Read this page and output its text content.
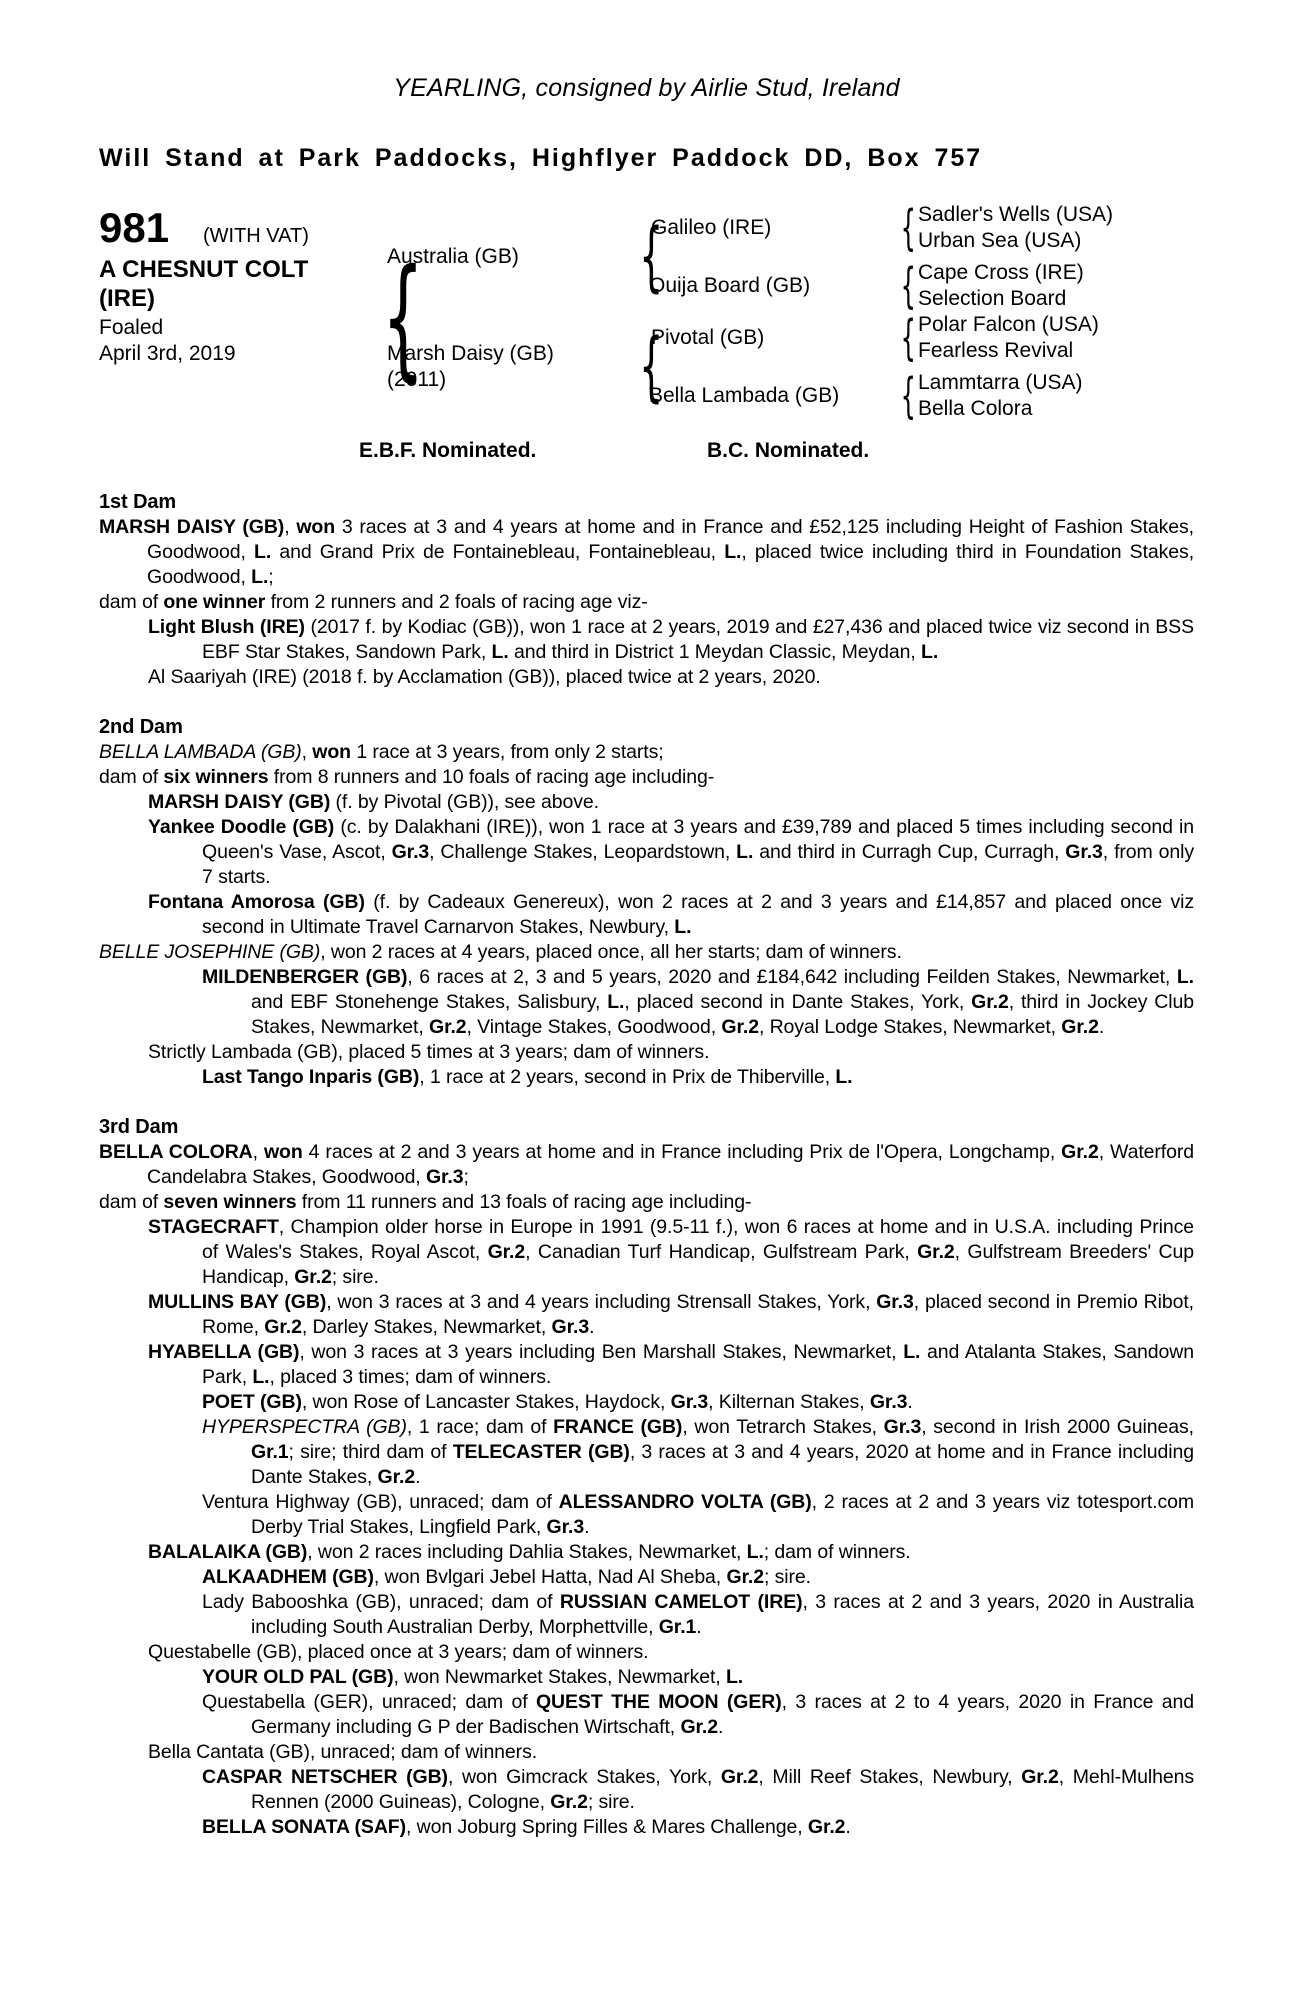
YEARLING, consigned by Airlie Stud, Ireland
Will Stand at Park Paddocks, Highflyer Paddock DD, Box 757
981 (WITH VAT)
A CHESNUT COLT
(IRE)
Foaled
April 3rd, 2019
{
Australia (GB)
Marsh Daisy (GB)
(2011)
{
{
Galileo (IRE)
Ouija Board (GB)
Pivotal (GB)
Bella Lambada (GB)
{
Sadler's Wells (USA)
Urban Sea (USA)
{
Cape Cross (IRE)
Selection Board
{
Polar Falcon (USA)
Fearless Revival
{
Lammtarra (USA)
Bella Colora
E.B.F. Nominated.	B.C. Nominated.
1st Dam

MARSH DAISY (GB), won 3 races at 3 and 4 years at home and in France and £52,125 including Height of Fashion Stakes, Goodwood, L. and Grand Prix de Fontainebleau, Fontainebleau, L., placed twice including third in Foundation Stakes, Goodwood, L.;

dam of one winner from 2 runners and 2 foals of racing age viz-

Light Blush (IRE) (2017 f. by Kodiac (GB)), won 1 race at 2 years, 2019 and £27,436 and placed twice viz second in BSS EBF Star Stakes, Sandown Park, L. and third in District 1 Meydan Classic, Meydan, L.

Al Saariyah (IRE) (2018 f. by Acclamation (GB)), placed twice at 2 years, 2020.

2nd Dam

BELLA LAMBADA (GB), won 1 race at 3 years, from only 2 starts;

dam of six winners from 8 runners and 10 foals of racing age including-

MARSH DAISY (GB) (f. by Pivotal (GB)), see above.

Yankee Doodle (GB) (c. by Dalakhani (IRE)), won 1 race at 3 years and £39,789 and placed 5 times including second in Queen's Vase, Ascot, Gr.3, Challenge Stakes, Leopardstown, L. and third in Curragh Cup, Curragh, Gr.3, from only 7 starts.

Fontana Amorosa (GB) (f. by Cadeaux Genereux), won 2 races at 2 and 3 years and £14,857 and placed once viz second in Ultimate Travel Carnarvon Stakes, Newbury, L.

BELLE JOSEPHINE (GB), won 2 races at 4 years, placed once, all her starts; dam of winners.

MILDENBERGER (GB), 6 races at 2, 3 and 5 years, 2020 and £184,642 including Feilden Stakes, Newmarket, L. and EBF Stonehenge Stakes, Salisbury, L., placed second in Dante Stakes, York, Gr.2, third in Jockey Club Stakes, Newmarket, Gr.2, Vintage Stakes, Goodwood, Gr.2, Royal Lodge Stakes, Newmarket, Gr.2.

Strictly Lambada (GB), placed 5 times at 3 years; dam of winners.

Last Tango Inparis (GB), 1 race at 2 years, second in Prix de Thiberville, L.

3rd Dam

BELLA COLORA, won 4 races at 2 and 3 years at home and in France including Prix de l'Opera, Longchamp, Gr.2, Waterford Candelabra Stakes, Goodwood, Gr.3;

dam of seven winners from 11 runners and 13 foals of racing age including-

STAGECRAFT, Champion older horse in Europe in 1991 (9.5-11 f.), won 6 races at home and in U.S.A. including Prince of Wales's Stakes, Royal Ascot, Gr.2, Canadian Turf Handicap, Gulfstream Park, Gr.2, Gulfstream Breeders' Cup Handicap, Gr.2; sire.

MULLINS BAY (GB), won 3 races at 3 and 4 years including Strensall Stakes, York, Gr.3, placed second in Premio Ribot, Rome, Gr.2, Darley Stakes, Newmarket, Gr.3.

HYABELLA (GB), won 3 races at 3 years including Ben Marshall Stakes, Newmarket, L. and Atalanta Stakes, Sandown Park, L., placed 3 times; dam of winners.

POET (GB), won Rose of Lancaster Stakes, Haydock, Gr.3, Kilternan Stakes, Gr.3.

HYPERSPECTRA (GB), 1 race; dam of FRANCE (GB), won Tetrarch Stakes, Gr.3, second in Irish 2000 Guineas, Gr.1; sire; third dam of TELECASTER (GB), 3 races at 3 and 4 years, 2020 at home and in France including Dante Stakes, Gr.2.

Ventura Highway (GB), unraced; dam of ALESSANDRO VOLTA (GB), 2 races at 2 and 3 years viz totesport.com Derby Trial Stakes, Lingfield Park, Gr.3.

BALALAIKA (GB), won 2 races including Dahlia Stakes, Newmarket, L.; dam of winners.

ALKAADHEM (GB), won Bvlgari Jebel Hatta, Nad Al Sheba, Gr.2; sire.

Lady Babooshka (GB), unraced; dam of RUSSIAN CAMELOT (IRE), 3 races at 2 and 3 years, 2020 in Australia including South Australian Derby, Morphettville, Gr.1.

Questabelle (GB), placed once at 3 years; dam of winners.

YOUR OLD PAL (GB), won Newmarket Stakes, Newmarket, L.

Questabella (GER), unraced; dam of QUEST THE MOON (GER), 3 races at 2 to 4 years, 2020 in France and Germany including G P der Badischen Wirtschaft, Gr.2.

Bella Cantata (GB), unraced; dam of winners.

CASPAR NETSCHER (GB), won Gimcrack Stakes, York, Gr.2, Mill Reef Stakes, Newbury, Gr.2, Mehl-Mulhens Rennen (2000 Guineas), Cologne, Gr.2; sire.

BELLA SONATA (SAF), won Joburg Spring Filles & Mares Challenge, Gr.2.
